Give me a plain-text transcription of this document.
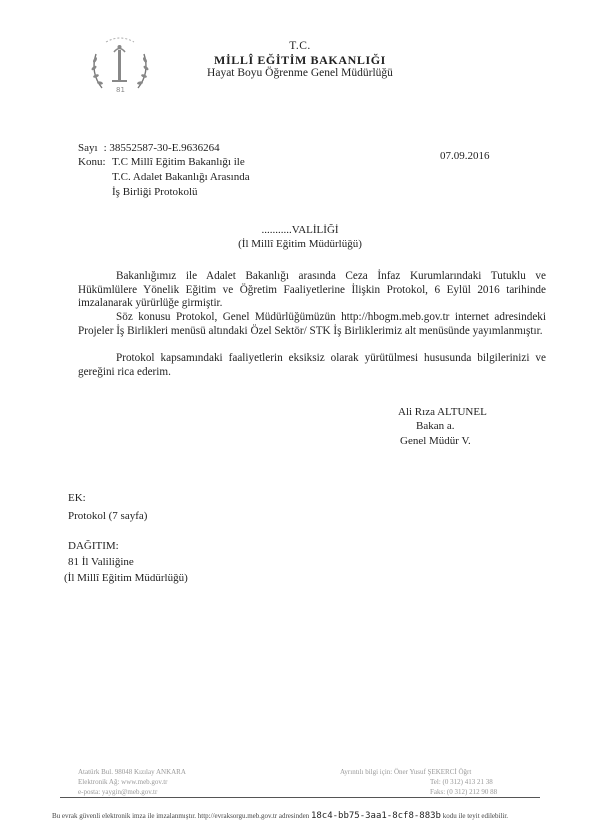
81
T.C.
MİLLÎ EĞİTİM BAKANLIĞI
Hayat Boyu Öğrenme Genel Müdürlüğü
Sayı : 38552587-30-E.9636264
Konu: T.C Millî Eğitim Bakanlığı ile
T.C. Adalet Bakanlığı Arasında
İş Birliği Protokolü
07.09.2016
...........VALİLİĞİ
(İl Millî Eğitim Müdürlüğü)

Bakanlığımız ile Adalet Bakanlığı arasında Ceza İnfaz Kurumlarındaki Tutuklu ve Hükümlülere Yönelik Eğitim ve Öğretim Faaliyetlerine İlişkin Protokol, 6 Eylül 2016 tarihinde imzalanarak yürürlüğe girmiştir.

Söz konusu Protokol, Genel Müdürlüğümüzün http://hbogm.meb.gov.tr internet adresindeki Projeler İş Birlikleri menüsü altındaki Özel Sektör/ STK İş Birliklerimiz alt menüsünde yayımlanmıştır.

Protokol kapsamındaki faaliyetlerin eksiksiz olarak yürütülmesi hususunda bilgilerinizi ve gereğini rica ederim.

Ali Rıza ALTUNEL
Bakan a.
Genel Müdür V.
EK:
Protokol (7 sayfa)
DAĞITIM:
81 İl Valiliğine
(İl Millî Eğitim Müdürlüğü)
Atatürk Bul. 98048 Kızılay ANKARA
Elektronik Ağ: www.meb.gov.tr
e-posta: yaygin@meb.gov.tr
Ayrıntılı bilgi için: Öner Yusuf ŞEKERCİ Öğrt
Tel: (0 312) 413 21 38
Faks: (0 312) 212 90 88
Bu evrak güvenli elektronik imza ile imzalanmıştır. http://evraksorgu.meb.gov.tr adresinden 18c4-bb75-3aa1-8cf8-883b kodu ile teyit edilebilir.
